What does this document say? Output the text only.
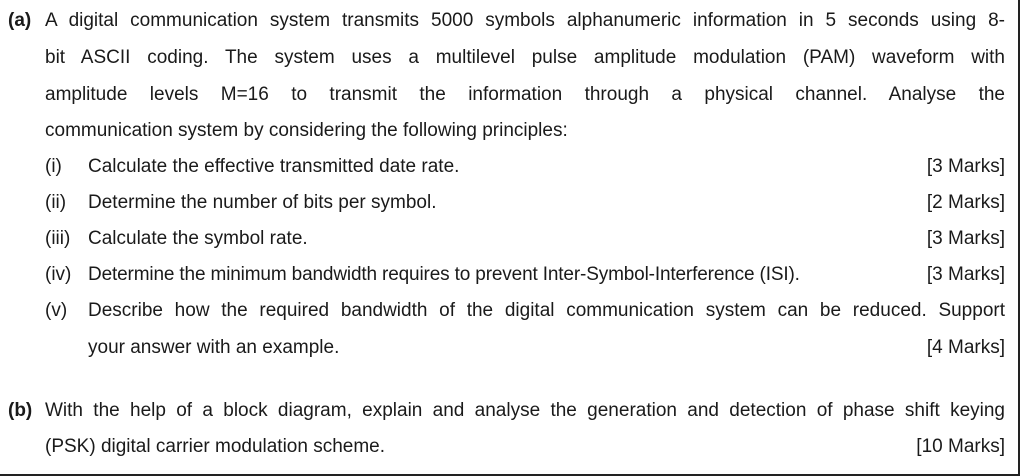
(a) A digital communication system transmits 5000 symbols alphanumeric information in 5 seconds using 8-
bit ASCII coding. The system uses a multilevel pulse amplitude modulation (PAM) waveform with
amplitude levels M=16 to transmit the information through a physical channel. Analyse the
communication system by considering the following principles:
(i) Calculate the effective transmitted date rate.	[3 Marks]
(ii) Determine the number of bits per symbol.	[2 Marks]
(iii) Calculate the symbol rate.	[3 Marks]
(iv) Determine the minimum bandwidth requires to prevent Inter-Symbol-Interference (ISI).	[3 Marks]
(v) Describe how the required bandwidth of the digital communication system can be reduced. Support
your answer with an example.	[4 Marks]
(b) With the help of a block diagram, explain and analyse the generation and detection of phase shift keying
(PSK) digital carrier modulation scheme.	[10 Marks]
